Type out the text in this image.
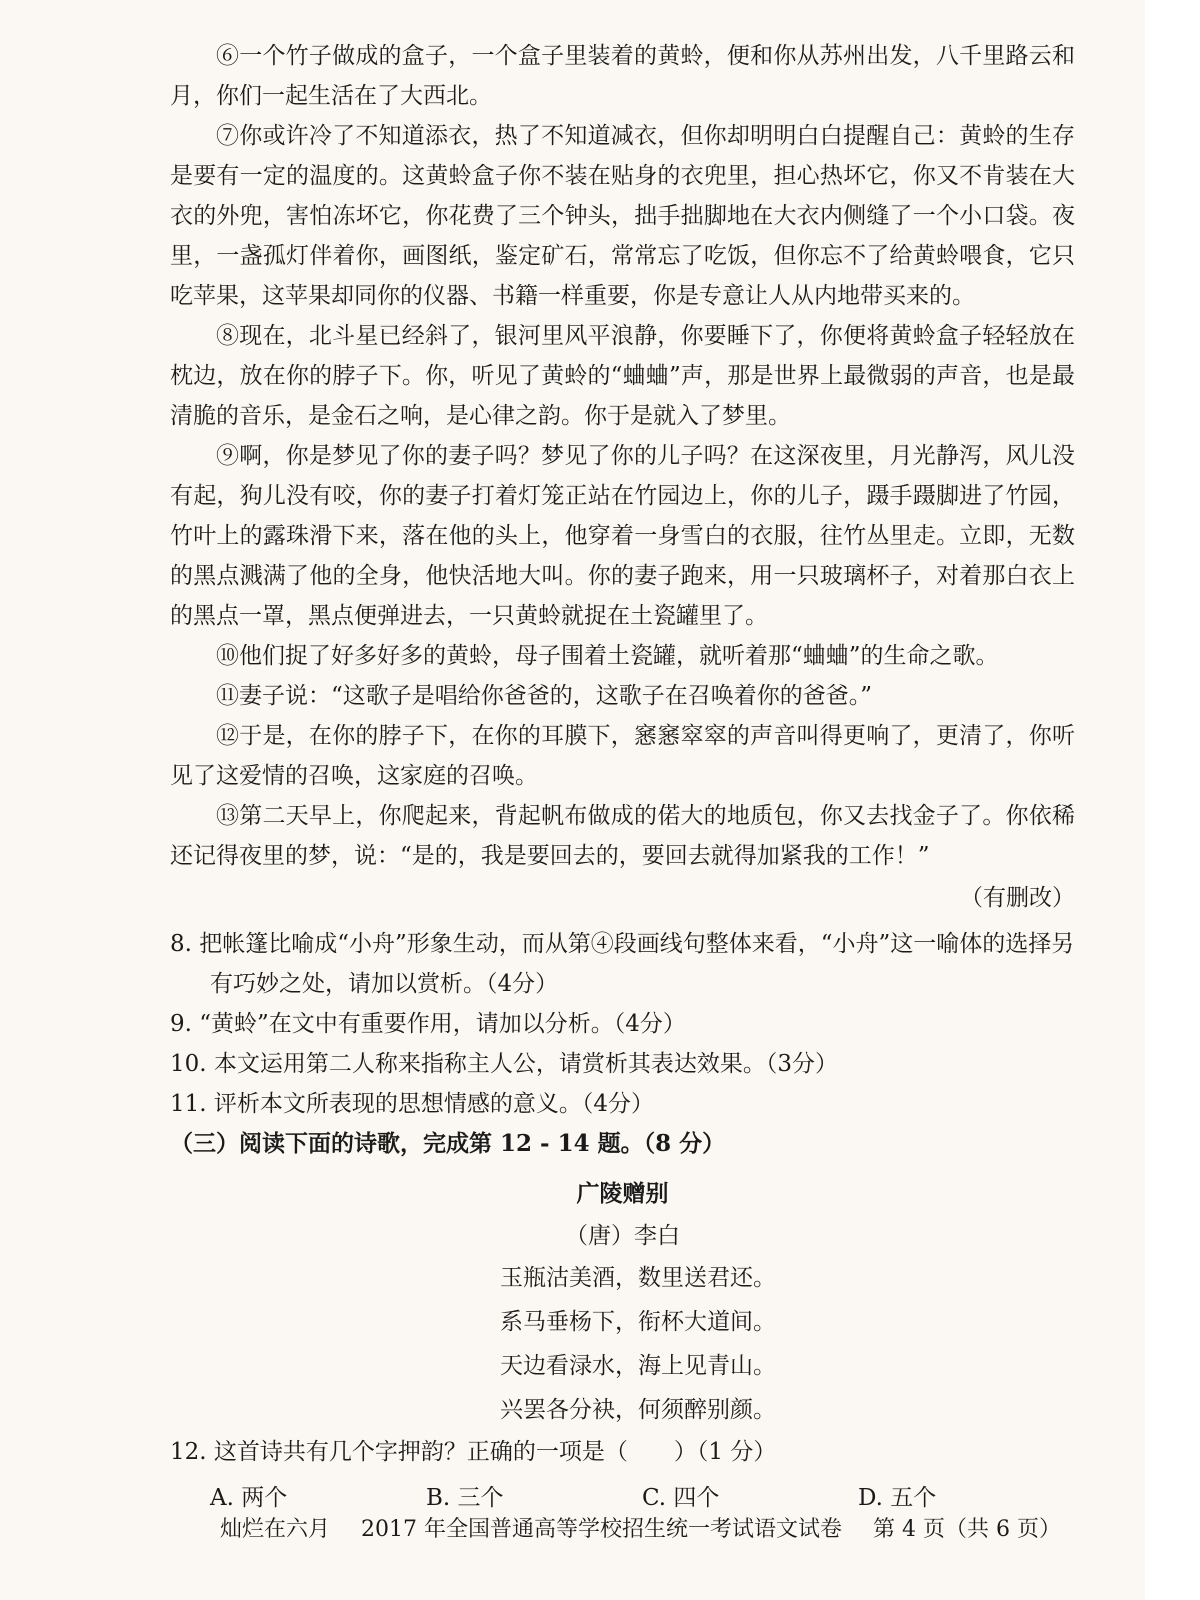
⑥一个竹子做成的盒子，一个盒子里装着的黄蛉，便和你从苏州出发，八千里路云和月，你们一起生活在了大西北。

⑦你或许冷了不知道添衣，热了不知道减衣，但你却明明白白提醒自己：黄蛉的生存是要有一定的温度的。这黄蛉盒子你不装在贴身的衣兜里，担心热坏它，你又不肯装在大衣的外兜，害怕冻坏它，你花费了三个钟头，拙手拙脚地在大衣内侧缝了一个小口袋。夜里，一盏孤灯伴着你，画图纸，鉴定矿石，常常忘了吃饭，但你忘不了给黄蛉喂食，它只吃苹果，这苹果却同你的仪器、书籍一样重要，你是专意让人从内地带买来的。

⑧现在，北斗星已经斜了，银河里风平浪静，你要睡下了，你便将黄蛉盒子轻轻放在枕边，放在你的脖子下。你，听见了黄蛉的“蛐蛐”声，那是世界上最微弱的声音，也是最清脆的音乐，是金石之响，是心律之韵。你于是就入了梦里。

⑨啊，你是梦见了你的妻子吗？梦见了你的儿子吗？在这深夜里，月光静泻，风儿没有起，狗儿没有咬，你的妻子打着灯笼正站在竹园边上，你的儿子，蹑手蹑脚进了竹园，竹叶上的露珠滑下来，落在他的头上，他穿着一身雪白的衣服，往竹丛里走。立即，无数的黑点溅满了他的全身，他快活地大叫。你的妻子跑来，用一只玻璃杯子，对着那白衣上的黑点一罩，黑点便弹进去，一只黄蛉就捉在土瓷罐里了。

⑩他们捉了好多好多的黄蛉，母子围着土瓷罐，就听着那“蛐蛐”的生命之歌。

⑪妻子说：“这歌子是唱给你爸爸的，这歌子在召唤着你的爸爸。”

⑫于是，在你的脖子下，在你的耳膜下，窸窸窣窣的声音叫得更响了，更清了，你听见了这爱情的召唤，这家庭的召唤。

⑬第二天早上，你爬起来，背起帆布做成的偌大的地质包，你又去找金子了。你依稀还记得夜里的梦，说：“是的，我是要回去的，要回去就得加紧我的工作！”

（有删改）

8. 把帐篷比喻成“小舟”形象生动，而从第④段画线句整体来看，“小舟”这一喻体的选择另有巧妙之处，请加以赏析。（4分）

9. “黄蛉”在文中有重要作用，请加以分析。（4分）

10. 本文运用第二人称来指称主人公，请赏析其表达效果。（3分）

11. 评析本文所表现的思想情感的意义。（4分）

（三）阅读下面的诗歌，完成第 12 - 14 题。（8 分）

广陵赠别

（唐）李白

玉瓶沽美酒，数里送君还。

系马垂杨下，衔杯大道间。

天边看渌水，海上见青山。

兴罢各分袂，何须醉别颜。

12. 这首诗共有几个字押韵？正确的一项是（　　）（1 分）

A. 两个	B. 三个	C. 四个	D. 五个
灿烂在六月 2017 年全国普通高等学校招生统一考试语文试卷 第 4 页（共 6 页）
